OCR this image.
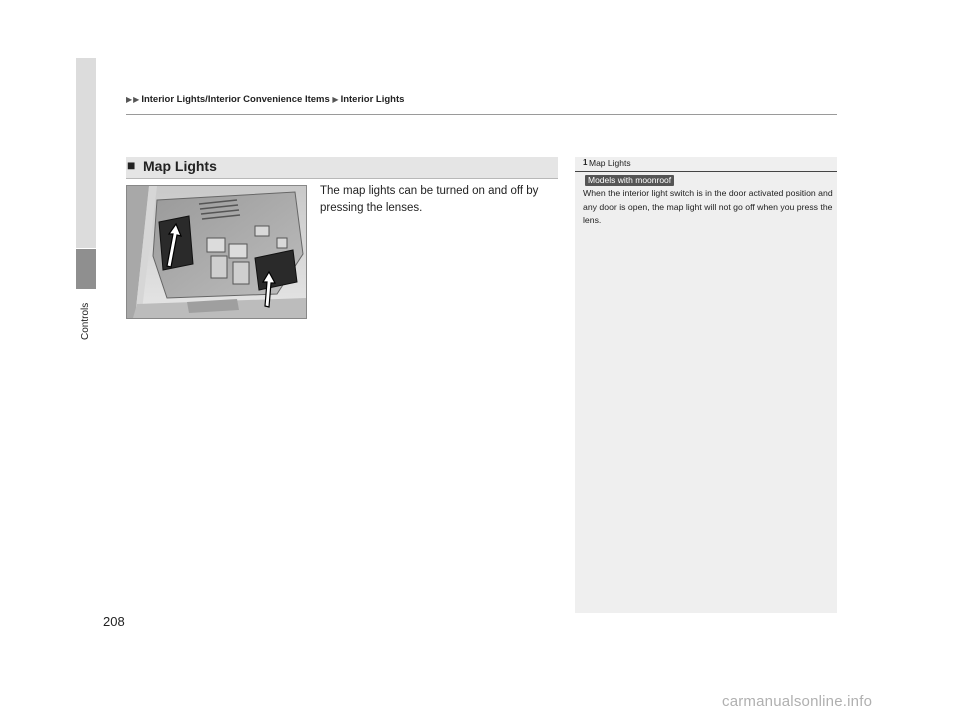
▶▶ Interior Lights/Interior Convenience Items ▶ Interior Lights
Controls
■ Map Lights
The map lights can be turned on and off by pressing the lenses.
1 Map Lights
Models with moonroof
When the interior light switch is in the door activated position and any door is open, the map light will not go off when you press the lens.
208
carmanualsonline.info
